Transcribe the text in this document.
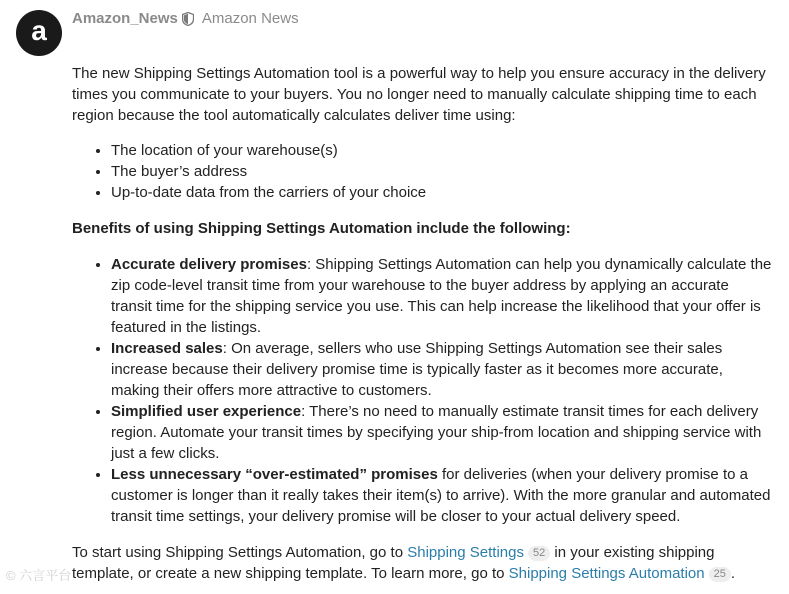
a Amazon_News Amazon News

The new Shipping Settings Automation tool is a powerful way to help you ensure accuracy in the delivery times you communicate to your buyers. You no longer need to manually calculate shipping time to each region because the tool automatically calculates deliver time using:

• The location of your warehouse(s)
• The buyer’s address
• Up-to-date data from the carriers of your choice

Benefits of using Shipping Settings Automation include the following:

• Accurate delivery promises: Shipping Settings Automation can help you dynamically calculate the zip code-level transit time from your warehouse to the buyer address by applying an accurate transit time for the shipping service you use. This can help increase the likelihood that your offer is featured in the listings.
• Increased sales: On average, sellers who use Shipping Settings Automation see their sales increase because their delivery promise time is typically faster as it becomes more accurate, making their offers more attractive to customers.
• Simplified user experience: There’s no need to manually estimate transit times for each delivery region. Automate your transit times by specifying your ship-from location and shipping service with just a few clicks.
• Less unnecessary “over-estimated” promises for deliveries (when your delivery promise to a customer is longer than it really takes their item(s) to arrive). With the more granular and automated transit time settings, your delivery promise will be closer to your actual delivery speed.

To start using Shipping Settings Automation, go to Shipping Settings 52 in your existing shipping template, or create a new shipping template. To learn more, go to Shipping Settings Automation 25 .

© 六言平台
